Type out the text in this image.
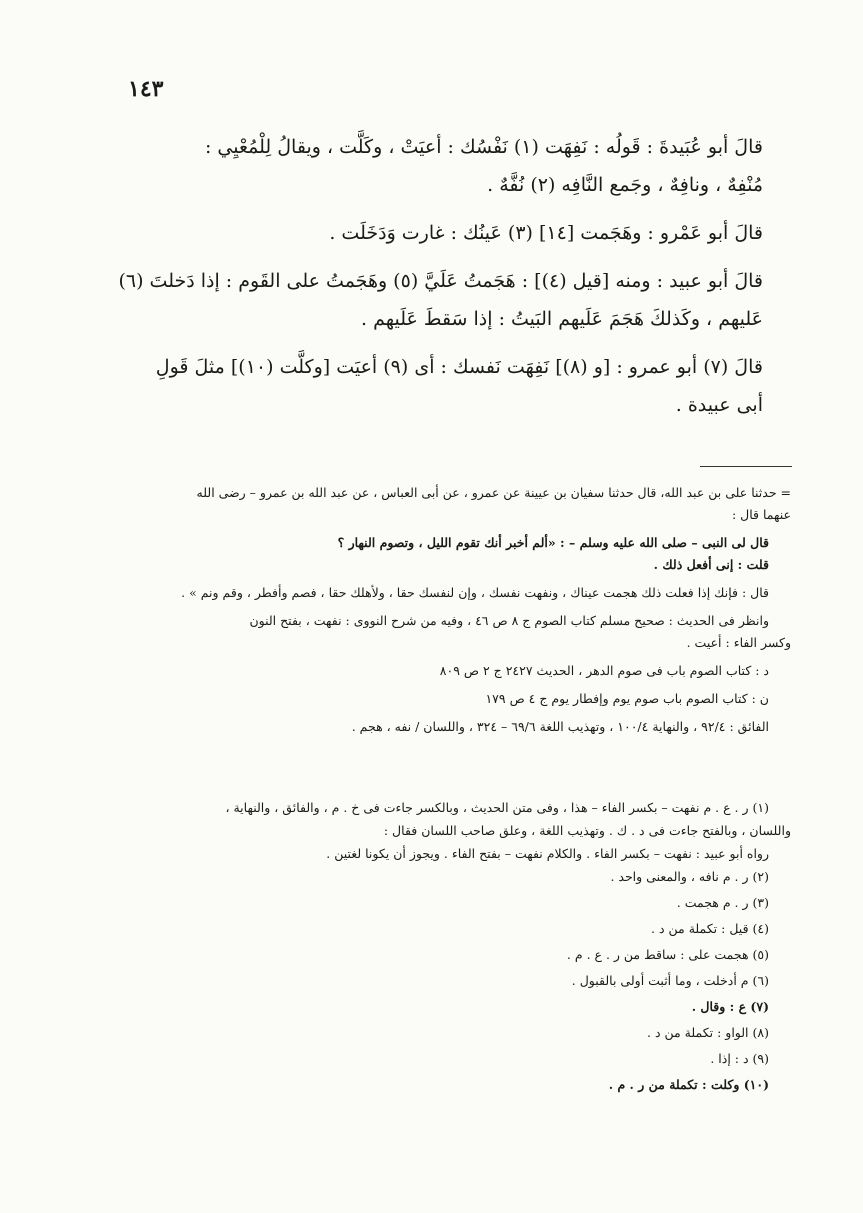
١٤٣

قالَ أبو عُبَيدةَ : قَولُه : نَفِهَت (١) نَفْسُك : أعيَتْ ، وكَلَّت ، ويقالُ لِلْمُعْيِي :

مُنْفِهٌ ، ونافِهٌ ، وجَمع النَّافِه (٢) نُفَّهٌ .

قالَ أبو عَمْرو : وهَجَمت [١٤] (٣) عَينُك : غارت وَدَخَلَت .

قالَ أبو عبيد : ومنه [قيل (٤)] : هَجَمتُ عَلَيَّ (٥) وهَجَمتُ على القَوم : إذا دَخلتَ (٦)

عَليهم ، وكَذلكَ هَجَمَ عَلَيهم البَيتُ : إذا سَقطَ عَلَيهم .

قالَ (٧) أبو عمرو : [و (٨)] نَفِهَت نَفسك : أى (٩) أعيَت [وكلَّت (١٠)] مثلَ قَولِ

أبى عبيدة .

= حدثنا على بن عبد الله، قال حدثنا سفيان بن عيينة عن عمرو ، عن أبى العباس ، عن عبد الله بن عمرو – رضى الله

عنهما قال :

قال لى النبى – صلى الله عليه وسلم – : «ألم أخبر أنك تقوم الليل ، وتصوم النهار ؟

قلت : إنى أفعل ذلك .

قال : فإنك إذا فعلت ذلك هجمت عيناك ، ونفهت نفسك ، وإن لنفسك حقا ، ولأهلك حقا ، فصم وأفطر ، وقم ونم » .

وانظر فى الحديث : صحيح مسلم كتاب الصوم ج ٨ ص ٤٦ ، وفيه من شرح النووى : نفهت ، بفتح النون

وكسر الفاء : أعيت .

د : كتاب الصوم باب فى صوم الدهر ، الحديث ٢٤٢٧ ج ٢ ص ٨٠٩

ن : كتاب الصوم باب صوم يوم وإفطار يوم ج ٤ ص ١٧٩

الفائق : ٩٢/٤ ، والنهاية ١٠٠/٤ ، وتهذيب اللغة ٦٩/٦ – ٣٢٤ ، واللسان / نفه ، هجم .

(١) ر . ع . م نفهت – بكسر الفاء – هذا ، وفى متن الحديث ، وبالكسر جاءت فى خ . م ، والفائق ، والنهاية ،

واللسان ، وبالفتح جاءت فى د . ك . وتهذيب اللغة ، وعلق صاحب اللسان فقال :

رواه أبو عبيد : نفهت – بكسر الفاء . والكلام نفهت – بفتح الفاء . ويجوز أن يكونا لغتين .

(٢) ر . م نافه ، والمعنى واحد .

(٣) ر . م هجمت .

(٤) قيل : تكملة من د .

(٥) هجمت على : ساقط من ر . ع . م .

(٦) م أدخلت ، وما أثبت أولى بالقبول .

(٧) ع : وقال .

(٨) الواو : تكملة من د .

(٩) د : إذا .

(١٠) وكلت : تكملة من ر . م .
